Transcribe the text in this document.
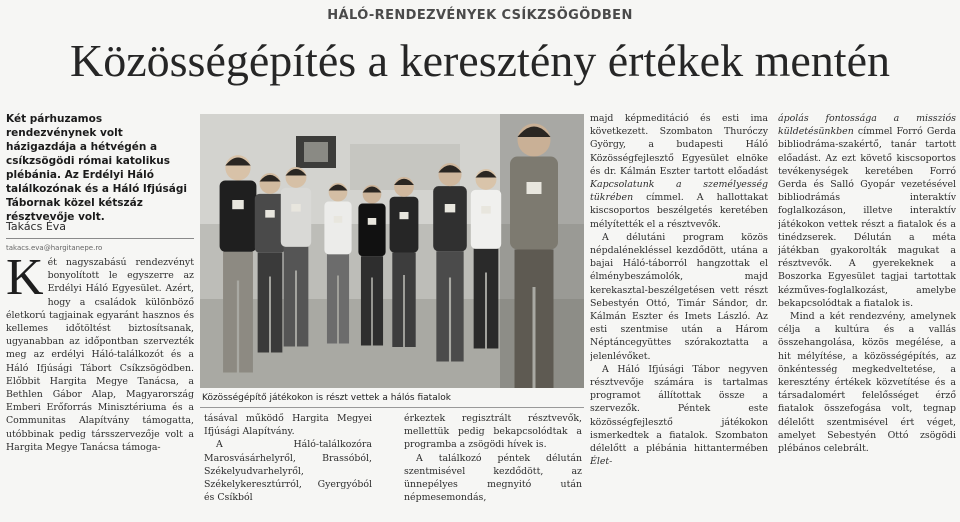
HÁLÓ-RENDEZVÉNYEK CSÍKZSÖGÖDBEN
Közösségépítés a keresztény értékek mentén
Két párhuzamos rendezvénynek volt házigazdája a hétvégén a csíkzsögödi római katolikus plébánia. Az Erdélyi Háló találkozónak és a Háló Ifjúsági Tábornak közel kétszáz résztvevője volt.
Takács Éva
takacs.eva@hargitanepe.ro

Két nagyszabású rendezvényt bonyolított le egyszerre az Erdélyi Háló Egyesület. Azért, hogy a családok különböző életkorú tagjainak egyaránt hasznos és kellemes időtöltést biztosítsanak, ugyanabban az időpontban szervezték meg az erdélyi Háló-találkozót és a Háló Ifjúsági Tábort Csíkzsögödben. Előbbit Hargita Megye Tanácsa, a Bethlen Gábor Alap, Magyarország Emberi Erőforrás Minisztériuma és a Communitas Alapítvány támogatta, utóbbinak pedig társszervezője volt a Hargita Megye Tanácsa támoga-

Közösségépítő játékokon is részt vettek a hálós fiatalok

tásával működő Hargita Megyei Ifjúsági Alapítvány.

A Háló-találkozóra Marosvásárhelyről, Brassóból, Székelyudvarhelyről, Székelykeresztúrról, Gyergyóból és Csíkból

érkeztek regisztrált résztvevők, mellettük pedig bekapcsolódtak a programba a zsögödi hívek is.

A találkozó péntek délután szentmisével kezdődött, az ünnepélyes megnyitó után népmesemondás,

majd képmeditáció és esti ima következett. Szombaton Thuróczy György, a budapesti Háló Közösségfejlesztő Egyesület elnöke és dr. Kálmán Eszter tartott előadást Kapcsolatunk a személyesség tükrében címmel. A hallottakat kiscsoportos beszélgetés keretében mélyítették el a résztvevők.

A délutáni program közös népdalénekléssel kezdődött, utána a bajai Háló-táborról hangzottak el élménybeszámolók, majd kerekasztal-beszélgetésen vett részt Sebestyén Ottó, Timár Sándor, dr. Kálmán Eszter és Imets László. Az esti szentmise után a Három Néptáncegyüttes szórakoztatta a jelenlévőket.

A Háló Ifjúsági Tábor negyven résztvevője számára is tartalmas programot állítottak össze a szervezők. Péntek este közösségfejlesztő játékokon ismerkedtek a fiatalok. Szombaton délelőtt a plébánia hittantermében Élet-

ápolás fontossága a missziós küldetésünkben címmel Forró Gerda bibliodráma-szakértő, tanár tartott előadást. Az ezt követő kiscsoportos tevékenységek keretében Forró Gerda és Salló Gyopár vezetésével bibliodrámás interaktív foglalkozáson, illetve interaktív játékokon vettek részt a fiatalok és a tinédzserek. Délután a méta játékban gyakorolták magukat a résztvevők. A gyerekeknek a Boszorka Egyesület tagjai tartottak kézműves-foglalkozást, amelybe bekapcsolódtak a fiatalok is.

Mind a két rendezvény, amelynek célja a kultúra és a vallás összehangolása, közös megélése, a hit mélyítése, a közösségépítés, az önkéntesség megkedveltetése, a keresztény értékek közvetítése és a társadalomért felelősséget érző fiatalok összefogása volt, tegnap délelőtt szentmisével ért véget, amelyet Sebestyén Ottó zsögödi plébános celebrált.
